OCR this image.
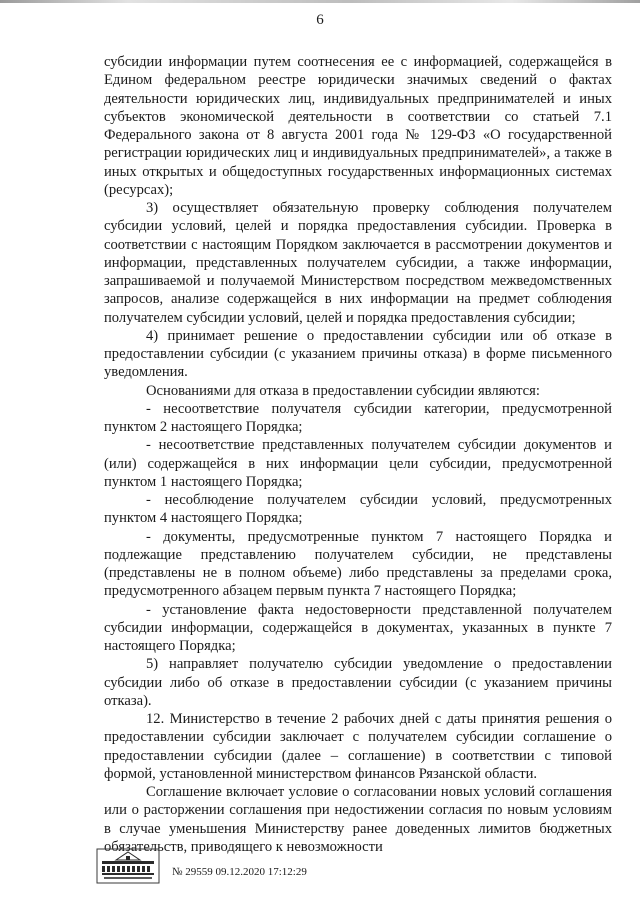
6

субсидии информации путем соотнесения ее с информацией, содержащейся в Едином федеральном реестре юридически значимых сведений о фактах деятельности юридических лиц, индивидуальных предпринимателей и иных субъектов экономической деятельности в соответствии со статьей 7.1 Федерального закона от 8 августа 2001 года № 129-ФЗ «О государственной регистрации юридических лиц и индивидуальных предпринимателей», а также в иных открытых и общедоступных государственных информационных системах (ресурсах);

3) осуществляет обязательную проверку соблюдения получателем субсидии условий, целей и порядка предоставления субсидии. Проверка в соответствии с настоящим Порядком заключается в рассмотрении документов и информации, представленных получателем субсидии, а также информации, запрашиваемой и получаемой Министерством посредством межведомственных запросов, анализе содержащейся в них информации на предмет соблюдения получателем субсидии условий, целей и порядка предоставления субсидии;

4) принимает решение о предоставлении субсидии или об отказе в предоставлении субсидии (с указанием причины отказа) в форме письменного уведомления.

Основаниями для отказа в предоставлении субсидии являются:

- несоответствие получателя субсидии категории, предусмотренной пунктом 2 настоящего Порядка;

- несоответствие представленных получателем субсидии документов и (или) содержащейся в них информации цели субсидии, предусмотренной пунктом 1 настоящего Порядка;

- несоблюдение получателем субсидии условий, предусмотренных пунктом 4 настоящего Порядка;

- документы, предусмотренные пунктом 7 настоящего Порядка и подлежащие представлению получателем субсидии, не представлены (представлены не в полном объеме) либо представлены за пределами срока, предусмотренного абзацем первым пункта 7 настоящего Порядка;

- установление факта недостоверности представленной получателем субсидии информации, содержащейся в документах, указанных в пункте 7 настоящего Порядка;

5) направляет получателю субсидии уведомление о предоставлении субсидии либо об отказе в предоставлении субсидии (с указанием причины отказа).

12. Министерство в течение 2 рабочих дней с даты принятия решения о предоставлении субсидии заключает с получателем субсидии соглашение о предоставлении субсидии (далее – соглашение) в соответствии с типовой формой, установленной министерством финансов Рязанской области.

Соглашение включает условие о согласовании новых условий соглашения или о расторжении соглашения при недостижении согласия по новым условиям в случае уменьшения Министерству ранее доведенных лимитов бюджетных обязательств, приводящего к невозможности

№ 29559 09.12.2020 17:12:29
